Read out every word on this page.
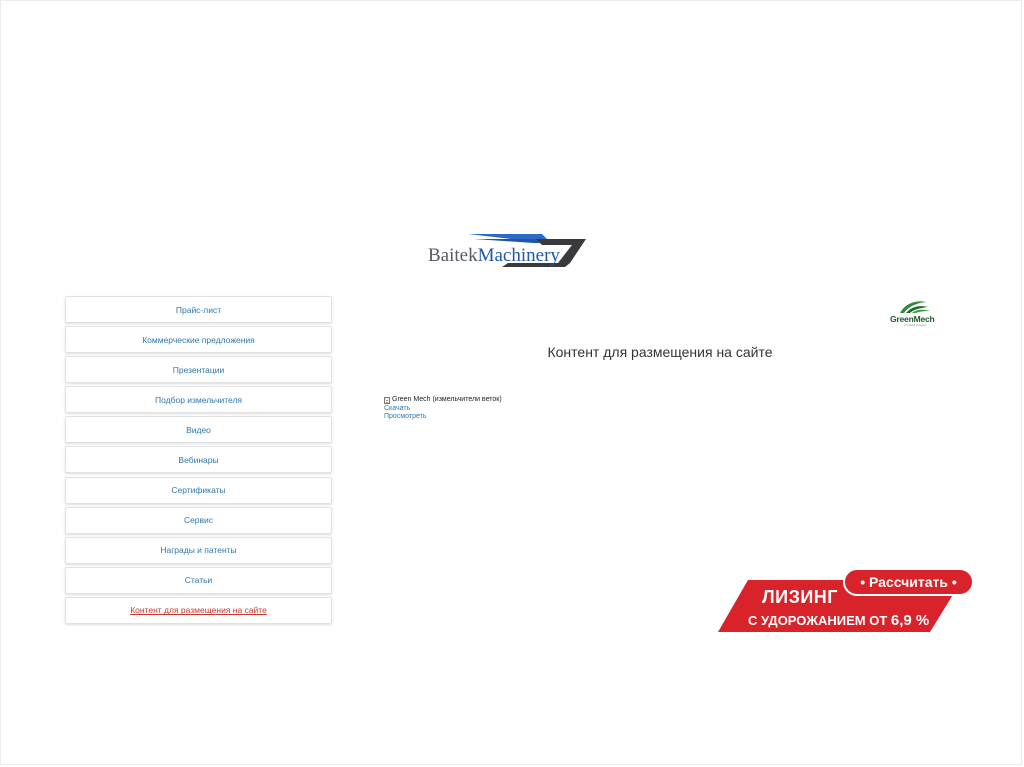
BaitekMachinery
Прайс-лист
Коммерческие предложения
Презентации
Подбор измельчителя
Видео
Вебинары
Сертификаты
Сервис
Награды и патенты
Статьи
Контент для размещения на сайте
GreenMech
A Tracked Company
Контент для размещения на сайте
Green Mech (измельчители веток)
Скачать
Просмотреть
• Рассчитать •
ЛИЗИНГ
С УДОРОЖАНИЕМ ОТ 6,9 %
